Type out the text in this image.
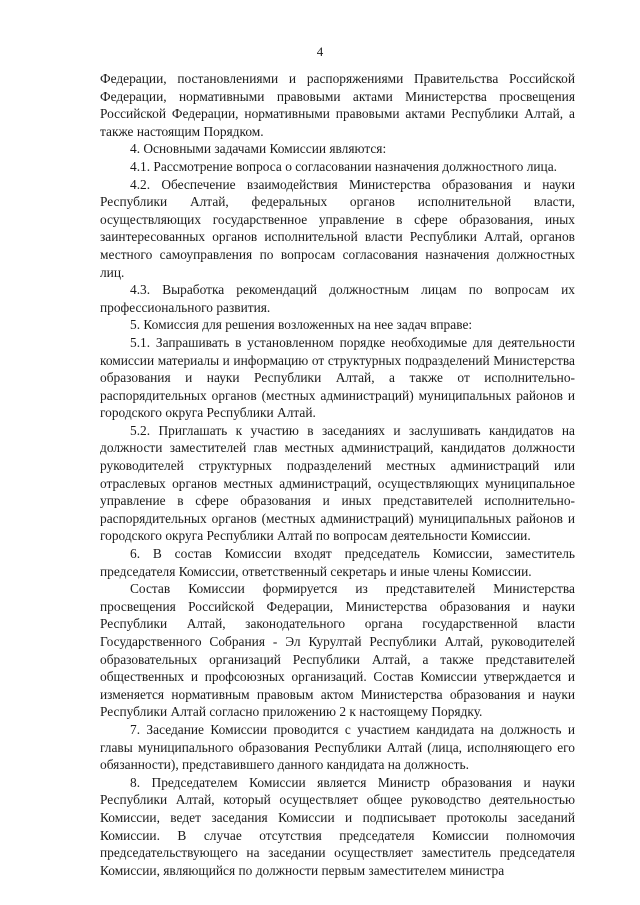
4

Федерации, постановлениями и распоряжениями Правительства Российской Федерации, нормативными правовыми актами Министерства просвещения Российской Федерации, нормативными правовыми актами Республики Алтай, а также настоящим Порядком.

4. Основными задачами Комиссии являются:

4.1. Рассмотрение вопроса о согласовании назначения должностного лица.

4.2. Обеспечение взаимодействия Министерства образования и науки Республики Алтай, федеральных органов исполнительной власти, осуществляющих государственное управление в сфере образования, иных заинтересованных органов исполнительной власти Республики Алтай, органов местного самоуправления по вопросам согласования назначения должностных лиц.

4.3. Выработка рекомендаций должностным лицам по вопросам их профессионального развития.

5. Комиссия для решения возложенных на нее задач вправе:

5.1. Запрашивать в установленном порядке необходимые для деятельности комиссии материалы и информацию от структурных подразделений Министерства образования и науки Республики Алтай, а также от исполнительно-распорядительных органов (местных администраций) муниципальных районов и городского округа Республики Алтай.

5.2. Приглашать к участию в заседаниях и заслушивать кандидатов на должности заместителей глав местных администраций, кандидатов должности руководителей структурных подразделений местных администраций или отраслевых органов местных администраций, осуществляющих муниципальное управление в сфере образования и иных представителей исполнительно-распорядительных органов (местных администраций) муниципальных районов и городского округа Республики Алтай по вопросам деятельности Комиссии.

6. В состав Комиссии входят председатель Комиссии, заместитель председателя Комиссии, ответственный секретарь и иные члены Комиссии.

Состав Комиссии формируется из представителей Министерства просвещения Российской Федерации, Министерства образования и науки Республики Алтай, законодательного органа государственной власти Государственного Собрания - Эл Курултай Республики Алтай, руководителей образовательных организаций Республики Алтай, а также представителей общественных и профсоюзных организаций. Состав Комиссии утверждается и изменяется нормативным правовым актом Министерства образования и науки Республики Алтай согласно приложению 2 к настоящему Порядку.

7. Заседание Комиссии проводится с участием кандидата на должность и главы муниципального образования Республики Алтай (лица, исполняющего его обязанности), представившего данного кандидата на должность.

8. Председателем Комиссии является Министр образования и науки Республики Алтай, который осуществляет общее руководство деятельностью Комиссии, ведет заседания Комиссии и подписывает протоколы заседаний Комиссии. В случае отсутствия председателя Комиссии полномочия председательствующего на заседании осуществляет заместитель председателя Комиссии, являющийся по должности первым заместителем министра
